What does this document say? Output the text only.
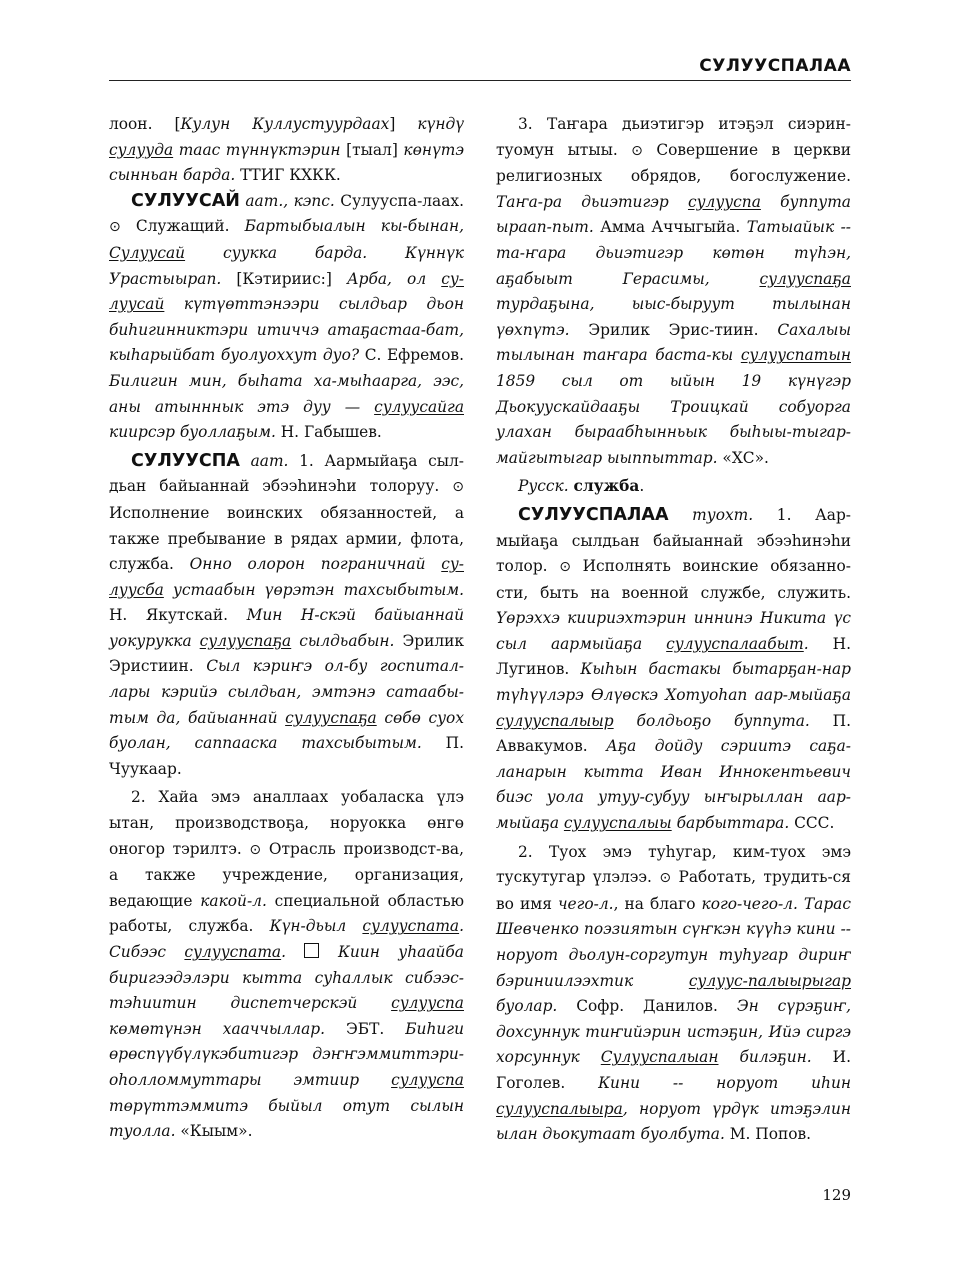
СУЛУУСПАЛАА

лоон. [Кулун Куллустуурдаах] күндү сулууда таас түннүктэрин [тыал] көнүтэ сынньан барда. ТТИГ КХКК.

СУЛУУСАЙ аат., кэпс. Сулууспа-лаах. ⊙ Служащий. Бартыбыалын кы-бынан, Сулуусай суукка барда. Күннүк Урастыырап. [Кэтириис:] Арба, ол су-луусай күтүөттэнээри сылдьар дьон биһигинниктэри итиччэ атаҕастаа-бат, кыһарыйбат буолуоххут дуо? С. Ефремов. Билигин мин, быһата ха-мыһаарга, ээс, аны атынннык этэ дуу — сулуусайга киирсэр буоллаҕым. Н. Габышев.

СУЛУУСПА аат. 1. Аармыйаҕа сыл-дьан байыаннай эбээһинэһи толоруу. ⊙ Исполнение воинских обязанностей, а также пребывание в рядах армии, флота, служба. Онно олорон пограничнай су-луусба устаабын үөрэтэн тахсыбытым. Н. Якутскай. Мин Н-скэй байыаннай уокуруккa сулууспаҕа сылдьабын. Эрилик Эристиин. Сыл кэриҥэ ол-бу госпитал-лары кэрийэ сылдьан, эмтэнэ сатаабы-тым да, байыаннай сулууспаҕа сөбө суох буолан, саппааска тахсыбытым. П. Чуукаар.

2. Хайа эмэ аналлаах уобаласка үлэ ытан, производствоҕа, норуокка өнгө оногор тэрилтэ. ⊙ Отрасль производст-ва, а также учреждение, организация, ведающие какой-л. специальной областью работы, служба. Күн-дьыл сулууспата. Сибээс сулууспата.  Киин уһаайба биригээдэлэри кытта суһаллык сибээс-тэһиитин диспетчерскэй сулууспа көмөтүнэн хааччыллар. ЭБТ. Биһиги өрөспүүбүлүкэбитигэр дэҥҥэммиттэри-оһолломмуттары эмтиир сулууспа төрүттэммитэ быйыл отут сылын туолла. «Кыым».

3. Таҥара дьиэтигэр итэҕэл сиэрин-туомун ытыы. ⊙ Совершение в церкви религиозных обрядов, богослужение. Таҥа-ра дьиэтигэр сулууспа буппута ыраап-пыт. Амма Аччыгыйа. Татыайык -- та-ҥара дьиэтигэр көтөн түһэн, аҕабыыт Герасимы, сулууспаҕа турдаҕына, ыыс-быруут тылынан үөхпүтэ. Эрилик Эрис-тиин. Сахалыы тылынан таҥара баста-кы сулууспатын 1859 сыл от ыйын 19 күнүгэр Дьокуускайдааҕы Троицкай собуорга улахан быраабһынньык быһыы-тыгар-майгытыгар ыыппыттар. «ХС».

Русск. служба.

СУЛУУСПАЛАА туохт. 1. Аар-мыйаҕа сылдьан байыаннай эбээһинэһи толор. ⊙ Исполнять воинские обязанно-сти, быть на военной службе, служить. Үөрэххэ киириэхтэрин иннинэ Никита үс сыл аармыйаҕа сулууспалаабыт. Н. Лугинов. Кыһын бастакы бытарҕан-нар түһүүлэрэ Өлүөскэ Хотуоһап аар-мыйаҕа сулууспалыыр болдьоҕо буппута. П. Аввакумов. Аҕа дойду сэриитэ саҕа-ланарын кытта Иван Иннокентьевич биэс уола утуу-субуу ыҥырыллан аар-мыйаҕа сулууспалыы барбыттара. ССС.

2. Туох эмэ туһугар, ким-туох эмэ тускутугар үлэлээ. ⊙ Работать, трудить-ся во имя чего-л., на благо кого-чего-л. Тарас Шевченко поэзиятын сүҥкэн күүһэ кини -- норуот дьолун-соргутун туһугар дириҥ бэриниилээхтик сулуус-палыырыгар буолар. Софр. Данилов. Эн сүрэҕиҥ, дохсуннук тиҥийэрин истэҕин, Ийэ сиргэ хорсуннук Сулууспалыан билэҕин. И. Гоголев. Кини -- норуот иһин сулууспалыыра, норуот үрдүк итэҕэлин ылан дьокутаат буолбута. М. Попов.

129
